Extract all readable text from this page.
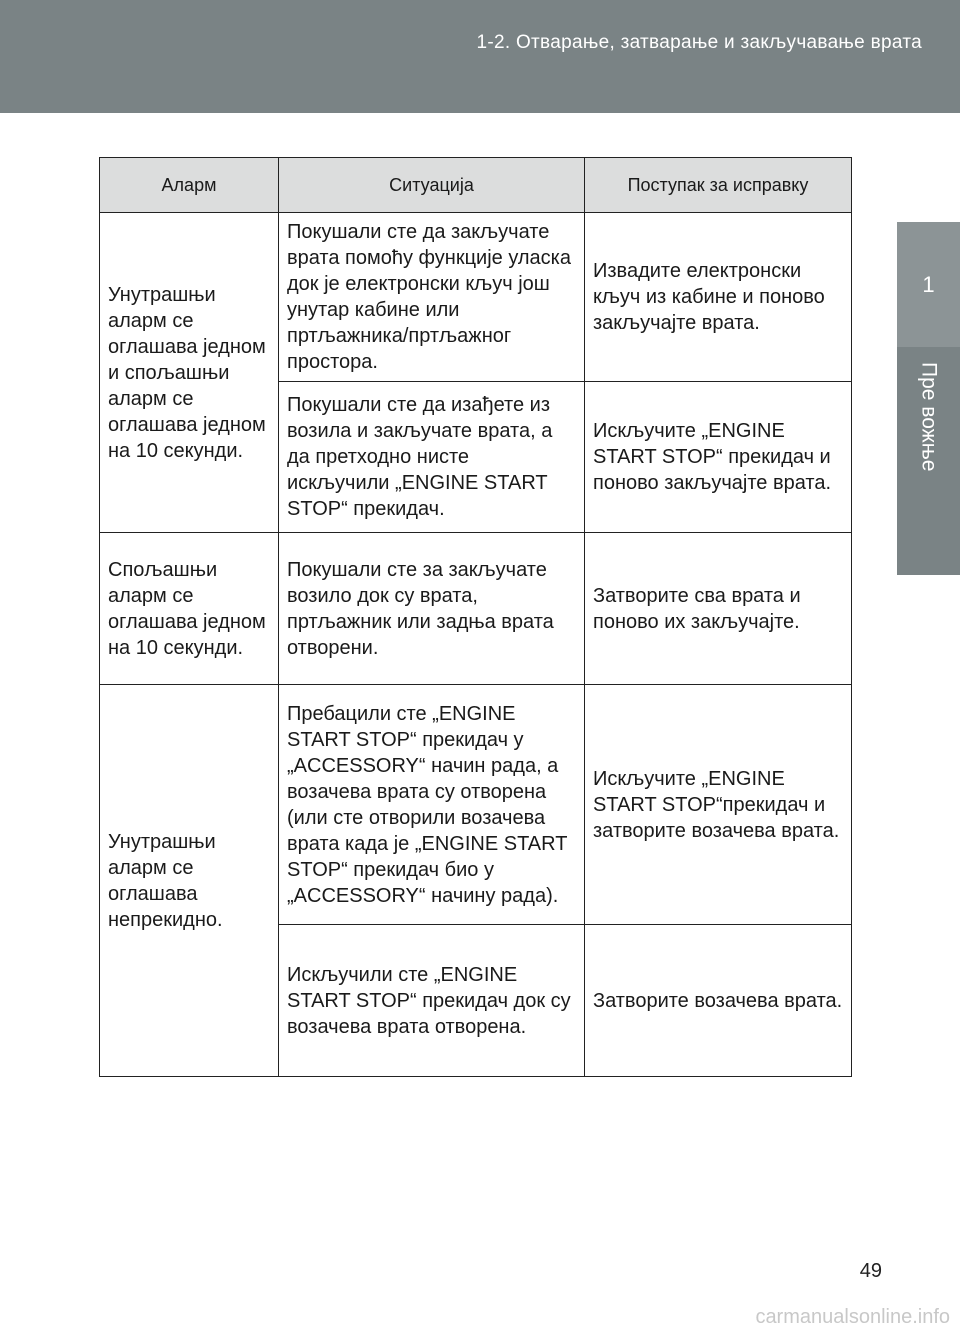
1-2. Отварање, затварање и закључавање врата
1
Пре вожње
Аларм	Ситуација	Поступак за исправку
Унутрашњи аларм се оглашава једном и спољашњи аларм се оглашава једном на 10 секунди.	Покушали сте да закључате врата помоћу функције уласка док је електронски кључ још унутар кабине или пртљажника/пртљажног простора.	Извадите електронски кључ из кабине и поново закључајте врата.
	Покушали сте да изађете из возила и закључате врата, а да претходно нисте искључили „ENGINE START STOP“ прекидач.	Искључите „ENGINE START STOP“ прекидач и поново закључајте врата.
Спољашњи аларм се оглашава једном на 10 секунди.	Покушали сте за закључате возило док су врата, пртљажник или задња врата отворени.	Затворите сва врата и поново их закључајте.
Унутрашњи аларм се оглашава непрекидно.	Пребацили сте „ENGINE START STOP“ прекидач у „ACCESSORY“ начин рада, а возачева врата су отворена (или сте отворили возачева врата када је „ENGINE START STOP“ прекидач био у „ACCESSORY“ начину рада).	Искључите „ENGINE START STOP“прекидач и затворите возачева врата.
	Искључили сте „ENGINE START STOP“ прекидач док су возачева врата отворена.	Затворите возачева врата.
49
carmanualsonline.info
